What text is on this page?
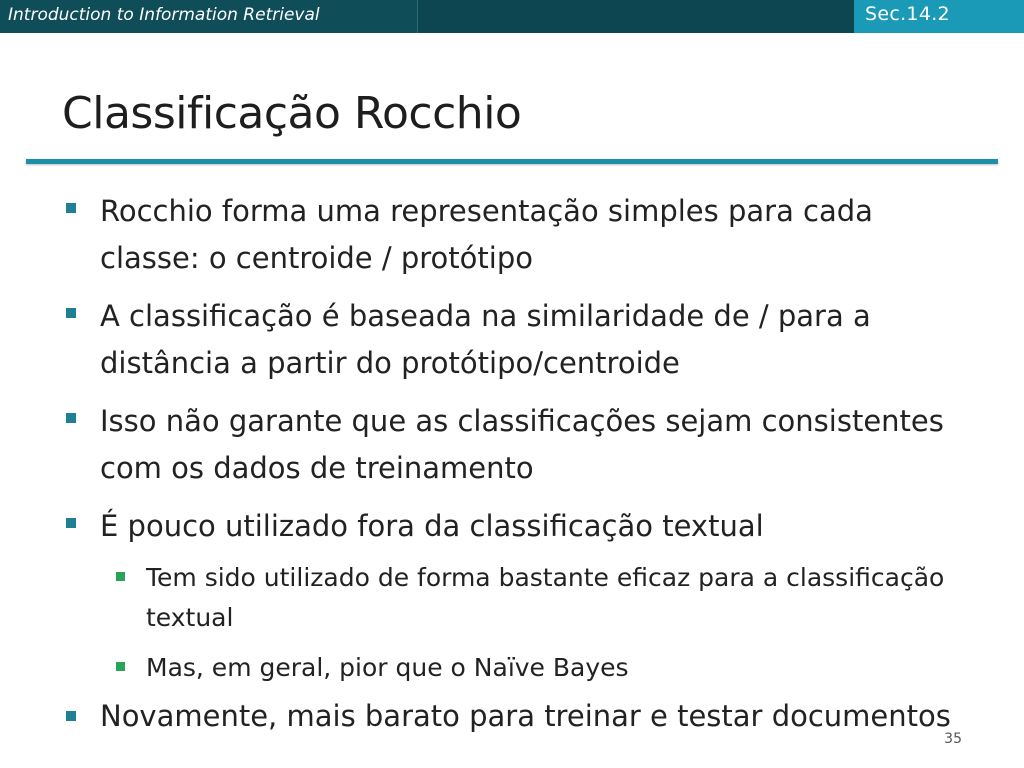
Introduction to Information Retrieval	Sec.14.2
Classificação Rocchio
Rocchio forma uma representação simples para cada classe: o centroide / protótipo
A classificação é baseada na similaridade de / para a distância a partir do protótipo/centroide
Isso não garante que as classificações sejam consistentes com os dados de treinamento
É pouco utilizado fora da classificação textual
Tem sido utilizado de forma bastante eficaz para a classificação textual
Mas, em geral, pior que o Naïve Bayes
Novamente, mais barato para treinar e testar documentos
35
